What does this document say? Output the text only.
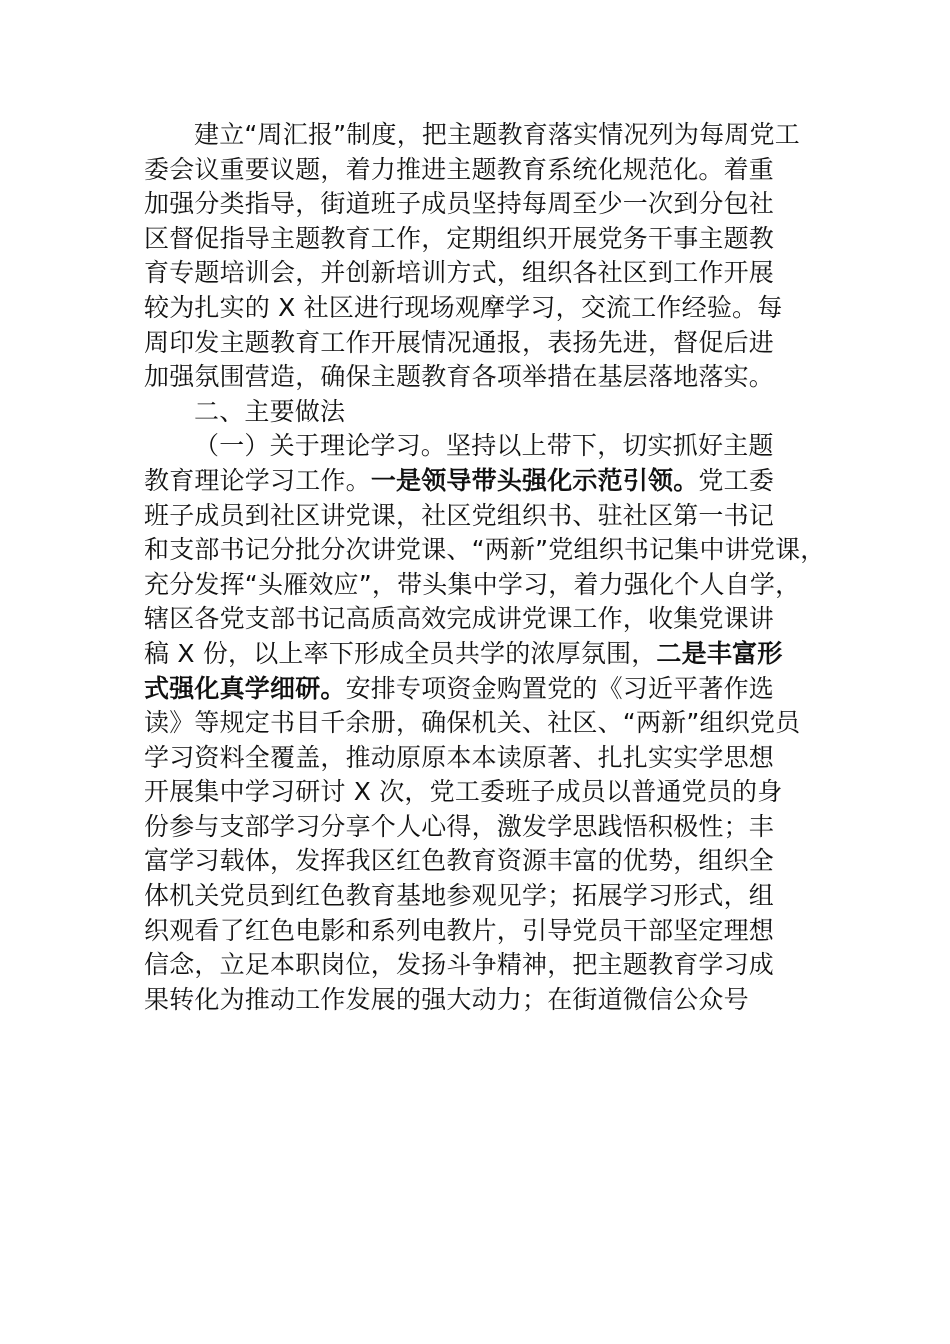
建立“周汇报”制度，把主题教育落实情况列为每周党工
委会议重要议题，着力推进主题教育系统化规范化。着重
加强分类指导，街道班子成员坚持每周至少一次到分包社
区督促指导主题教育工作，定期组织开展党务干事主题教
育专题培训会，并创新培训方式，组织各社区到工作开展
较为扎实的 X 社区进行现场观摩学习，交流工作经验。每
周印发主题教育工作开展情况通报，表扬先进，督促后进
加强氛围营造，确保主题教育各项举措在基层落地落实。
二、主要做法
（一）关于理论学习。坚持以上带下，切实抓好主题
教育理论学习工作。一是领导带头强化示范引领。党工委
班子成员到社区讲党课，社区党组织书、驻社区第一书记
和支部书记分批分次讲党课、“两新”党组织书记集中讲党课，
充分发挥“头雁效应”，带头集中学习，着力强化个人自学，
辖区各党支部书记高质高效完成讲党课工作，收集党课讲
稿 X 份，以上率下形成全员共学的浓厚氛围，二是丰富形
式强化真学细研。安排专项资金购置党的《习近平著作选
读》等规定书目千余册，确保机关、社区、“两新”组织党员
学习资料全覆盖，推动原原本本读原著、扎扎实实学思想
开展集中学习研讨 X 次，党工委班子成员以普通党员的身
份参与支部学习分享个人心得，激发学思践悟积极性；丰
富学习载体，发挥我区红色教育资源丰富的优势，组织全
体机关党员到红色教育基地参观见学；拓展学习形式，组
织观看了红色电影和系列电教片，引导党员干部坚定理想
信念，立足本职岗位，发扬斗争精神，把主题教育学习成
果转化为推动工作发展的强大动力；在街道微信公众号
